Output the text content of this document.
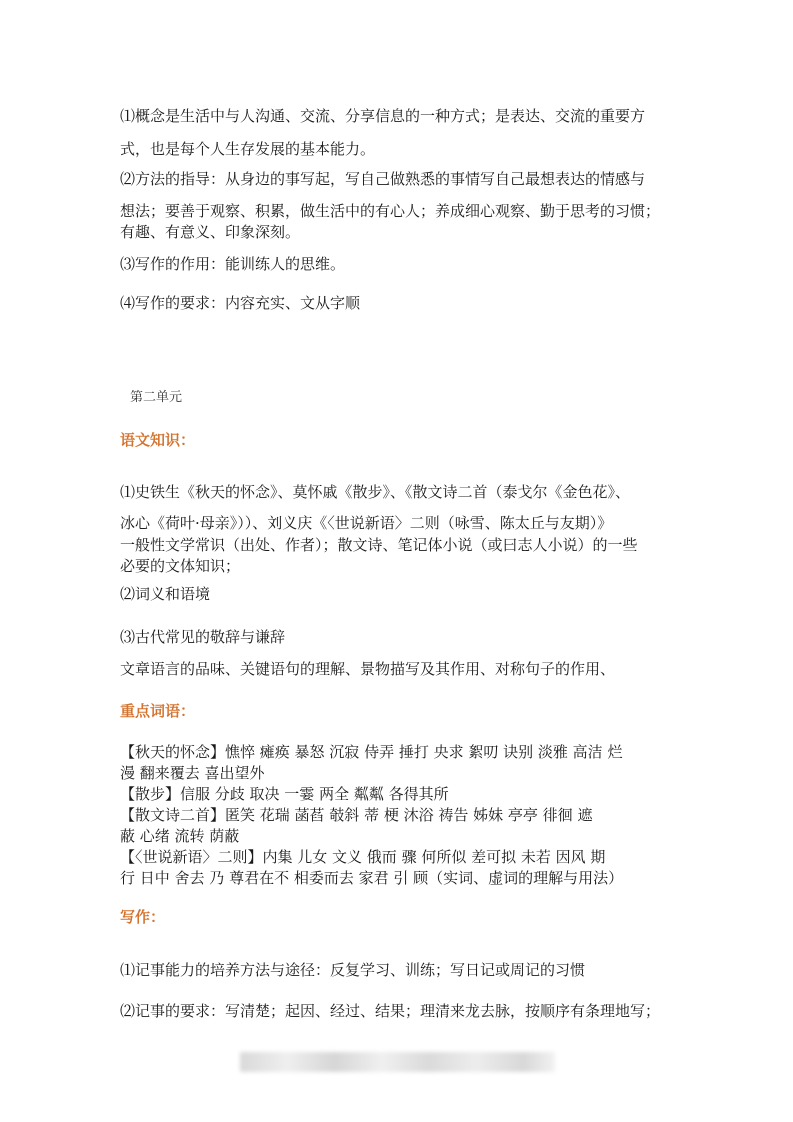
⑴概念是生活中与人沟通、交流、分享信息的一种方式；是表达、交流的重要方
式，也是每个人生存发展的基本能力。
⑵方法的指导：从身边的事写起，写自己做熟悉的事情写自己最想表达的情感与
想法；要善于观察、积累，做生活中的有心人；养成细心观察、勤于思考的习惯；
有趣、有意义、印象深刻。
⑶写作的作用：能训练人的思维。
⑷写作的要求：内容充实、文从字顺
第二单元
语文知识：
⑴史铁生《秋天的怀念》、莫怀戚《散步》、《散文诗二首（泰戈尔《金色花》、
冰心《荷叶·母亲》））、刘义庆《〈世说新语〉二则（咏雪、陈太丘与友期）》
一般性文学常识（出处、作者）；散文诗、笔记体小说（或曰志人小说）的一些
必要的文体知识；
⑵词义和语境
⑶古代常见的敬辞与谦辞
文章语言的品味、关键语句的理解、景物描写及其作用、对称句子的作用、
重点词语：
【秋天的怀念】憔悴 瘫痪 暴怒 沉寂 侍弄 捶打 央求 絮叨 诀别 淡雅 高洁 烂
漫 翻来覆去 喜出望外
【散步】信服 分歧 取决 一霎 两全 粼粼 各得其所
【散文诗二首】匿笑 花瑞 菡萏 攲斜 蒂 梗 沐浴 祷告 姊妹 亭亭 徘徊 遮
蔽 心绪 流转 荫蔽
【〈世说新语〉二则】内集 儿女 文义 俄而 骤 何所似 差可拟 未若 因风 期
行 日中 舍去 乃 尊君在不 相委而去 家君 引 顾（实词、虚词的理解与用法）
写作：
⑴记事能力的培养方法与途径：反复学习、训练；写日记或周记的习惯
⑵记事的要求：写清楚；起因、经过、结果；理清来龙去脉，按顺序有条理地写；
